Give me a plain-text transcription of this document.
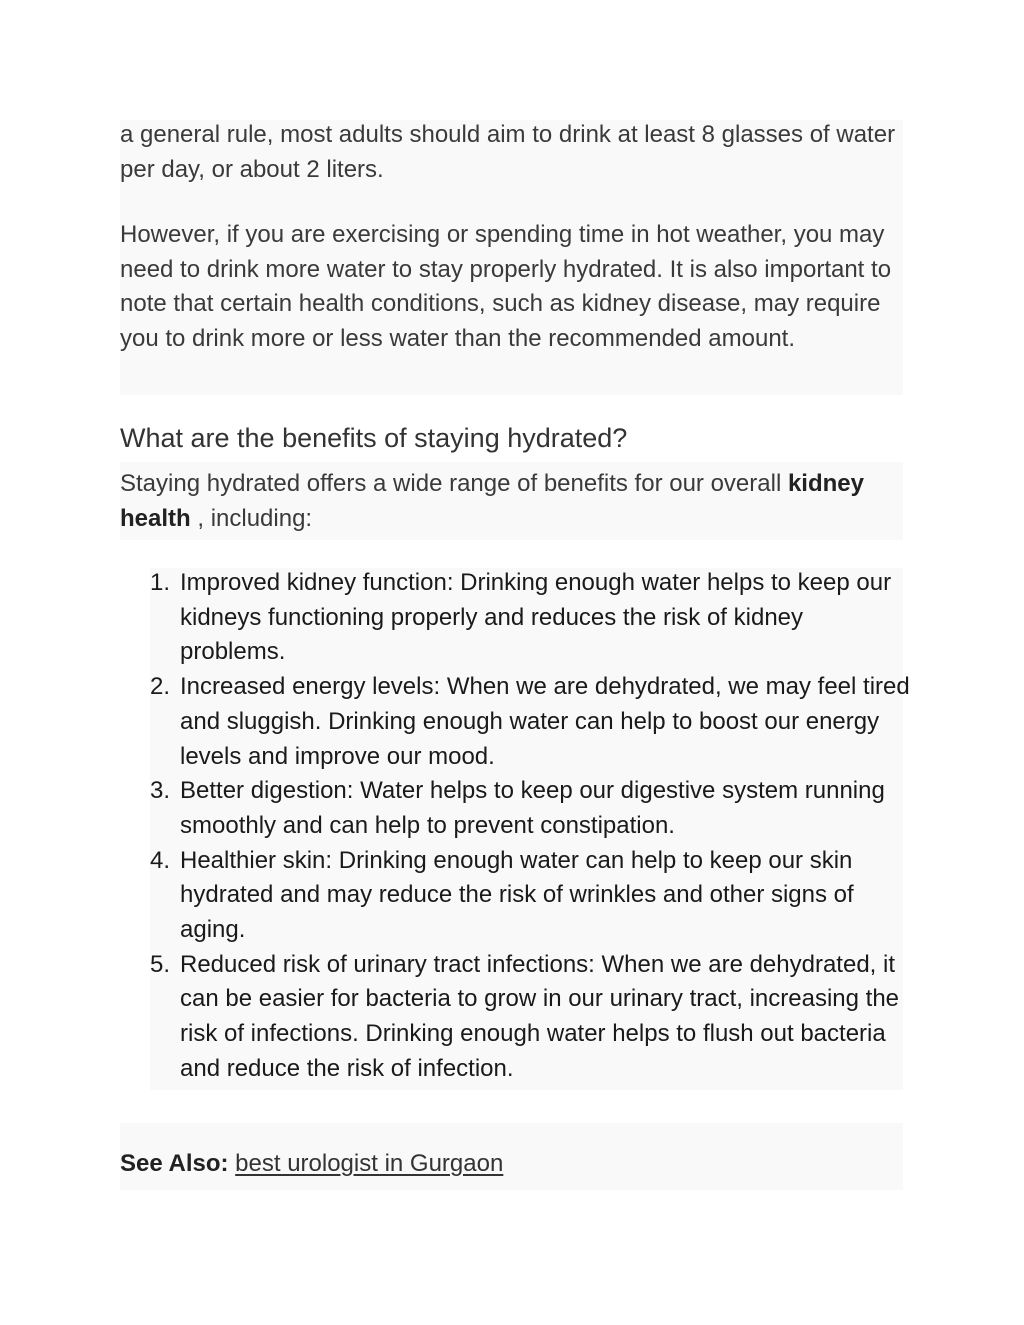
a general rule, most adults should aim to drink at least 8 glasses of water per day, or about 2 liters.

However, if you are exercising or spending time in hot weather, you may need to drink more water to stay properly hydrated. It is also important to note that certain health conditions, such as kidney disease, may require you to drink more or less water than the recommended amount.

What are the benefits of staying hydrated?

Staying hydrated offers a wide range of benefits for our overall kidney health , including:

1. Improved kidney function: Drinking enough water helps to keep our kidneys functioning properly and reduces the risk of kidney problems.
2. Increased energy levels: When we are dehydrated, we may feel tired and sluggish. Drinking enough water can help to boost our energy levels and improve our mood.
3. Better digestion: Water helps to keep our digestive system running smoothly and can help to prevent constipation.
4. Healthier skin: Drinking enough water can help to keep our skin hydrated and may reduce the risk of wrinkles and other signs of aging.
5. Reduced risk of urinary tract infections: When we are dehydrated, it can be easier for bacteria to grow in our urinary tract, increasing the risk of infections. Drinking enough water helps to flush out bacteria and reduce the risk of infection.

See Also: best urologist in Gurgaon
